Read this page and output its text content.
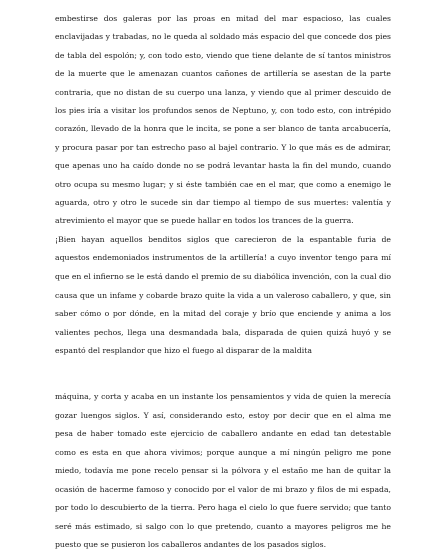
embestirse dos galeras por las proas en mitad del mar espacioso, las cuales enclavijadas y trabadas, no le queda al soldado más espacio del que concede dos pies de tabla del espolón; y, con todo esto, viendo que tiene delante de sí tantos ministros de la muerte que le amenazan cuantos cañones de artillería se asestan de la parte contraria, que no distan de su cuerpo una lanza, y viendo que al primer descuido de los pies iría a visitar los profundos senos de Neptuno, y, con todo esto, con intrépido corazón, llevado de la honra que le incita, se pone a ser blanco de tanta arcabucería, y procura pasar por tan estrecho paso al bajel contrario. Y lo que más es de admirar, que apenas uno ha caído donde no se podrá levantar hasta la fin del mundo, cuando otro ocupa su mesmo lugar; y si éste también cae en el mar, que como a enemigo le aguarda, otro y otro le sucede sin dar tiempo al tiempo de sus muertes: valentía y atrevimiento el mayor que se puede hallar en todos los trances de la guerra.

¡Bien hayan aquellos benditos siglos que carecieron de la espantable furia de aquestos endemoniados instrumentos de la artillería! a cuyo inventor tengo para mí que en el infierno se le está dando el premio de su diabólica invención, con la cual dio causa que un infame y cobarde brazo quite la vida a un valeroso caballero, y que, sin saber cómo o por dónde, en la mitad del coraje y brío que enciende y anima a los valientes pechos, llega una desmandada bala, disparada de quien quizá huyó y se espantó del resplandor que hizo el fuego al disparar de la maldita

máquina, y corta y acaba en un instante los pensamientos y vida de quien la merecía gozar luengos siglos. Y así, considerando esto, estoy por decir que en el alma me pesa de haber tomado este ejercicio de caballero andante en edad tan detestable como es esta en que ahora vivimos; porque aunque a mí ningún peligro me pone miedo, todavía me pone recelo pensar si la pólvora y el estaño me han de quitar la ocasión de hacerme famoso y conocido por el valor de mi brazo y filos de mi espada, por todo lo descubierto de la tierra. Pero haga el cielo lo que fuere servido; que tanto seré más estimado, si salgo con lo que pretendo, cuanto a mayores peligros me he puesto que se pusieron los caballeros andantes de los pasados siglos.
